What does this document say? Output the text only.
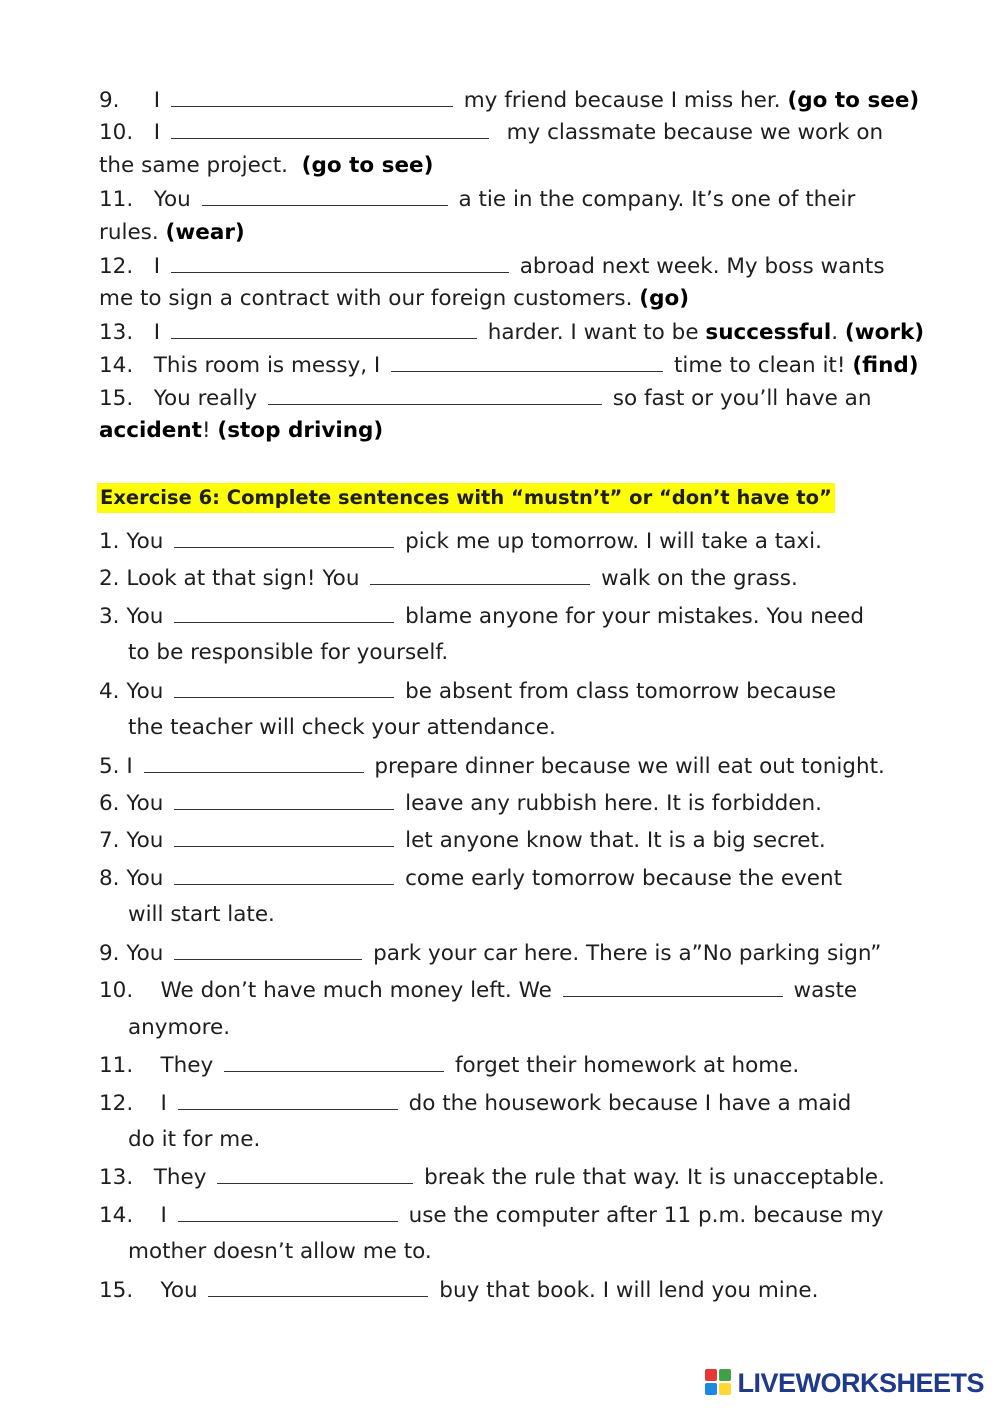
9. I	my friend because I miss her. (go to see)
10. I	my classmate because we work on
the same project. (go to see)
11. You	a tie in the company. It’s one of their
rules. (wear)
12. I	abroad next week. My boss wants
me to sign a contract with our foreign customers. (go)
13. I	harder. I want to be successful. (work)
14. This room is messy, I	time to clean it! (find)
15. You really	so fast or you’ll have an
accident! (stop driving)
Exercise 6: Complete sentences with “mustn’t” or “don’t have to”
1. You	pick me up tomorrow. I will take a taxi.
2. Look at that sign! You	walk on the grass.
3. You	blame anyone for your mistakes. You need
to be responsible for yourself.
4. You	be absent from class tomorrow because
the teacher will check your attendance.
5. I	prepare dinner because we will eat out tonight.
6. You	leave any rubbish here. It is forbidden.
7. You	let anyone know that. It is a big secret.
8. You	come early tomorrow because the event
will start late.
9. You	park your car here. There is a”No parking sign”
10. We don’t have much money left. We	waste
anymore.
11. They	forget their homework at home.
12. I	do the housework because I have a maid
do it for me.
13. They	break the rule that way. It is unacceptable.
14. I	use the computer after 11 p.m. because my
mother doesn’t allow me to.
15. You	buy that book. I will lend you mine.
LIVEWORKSHEETS
